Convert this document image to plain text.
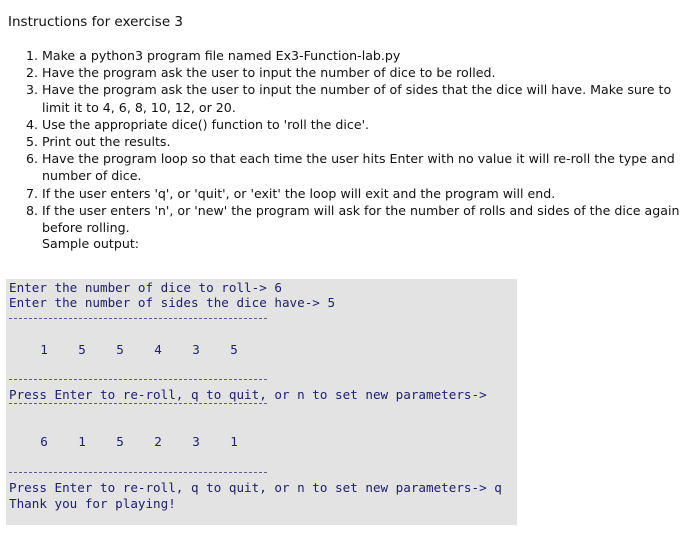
Instructions for exercise 3
1. Make a python3 program file named Ex3-Function-lab.py
2. Have the program ask the user to input the number of dice to be rolled.
3. Have the program ask the user to input the number of of sides that the dice will have. Make sure to limit it to 4, 6, 8, 10, 12, or 20.
4. Use the appropriate dice() function to 'roll the dice'.
5. Print out the results.
6. Have the program loop so that each time the user hits Enter with no value it will re-roll the type and number of dice.
7. If the user enters 'q', or 'quit', or 'exit' the loop will exit and the program will end.
8. If the user enters 'n', or 'new' the program will ask for the number of rolls and sides of the dice again before rolling.
Sample output:
Enter the number of dice to roll-> 6
Enter the number of sides the dice have-> 5
1 5 5 4 3 5
Press Enter to re-roll, q to quit, or n to set new parameters->
6 1 5 2 3 1
Press Enter to re-roll, q to quit, or n to set new parameters-> q
Thank you for playing!
